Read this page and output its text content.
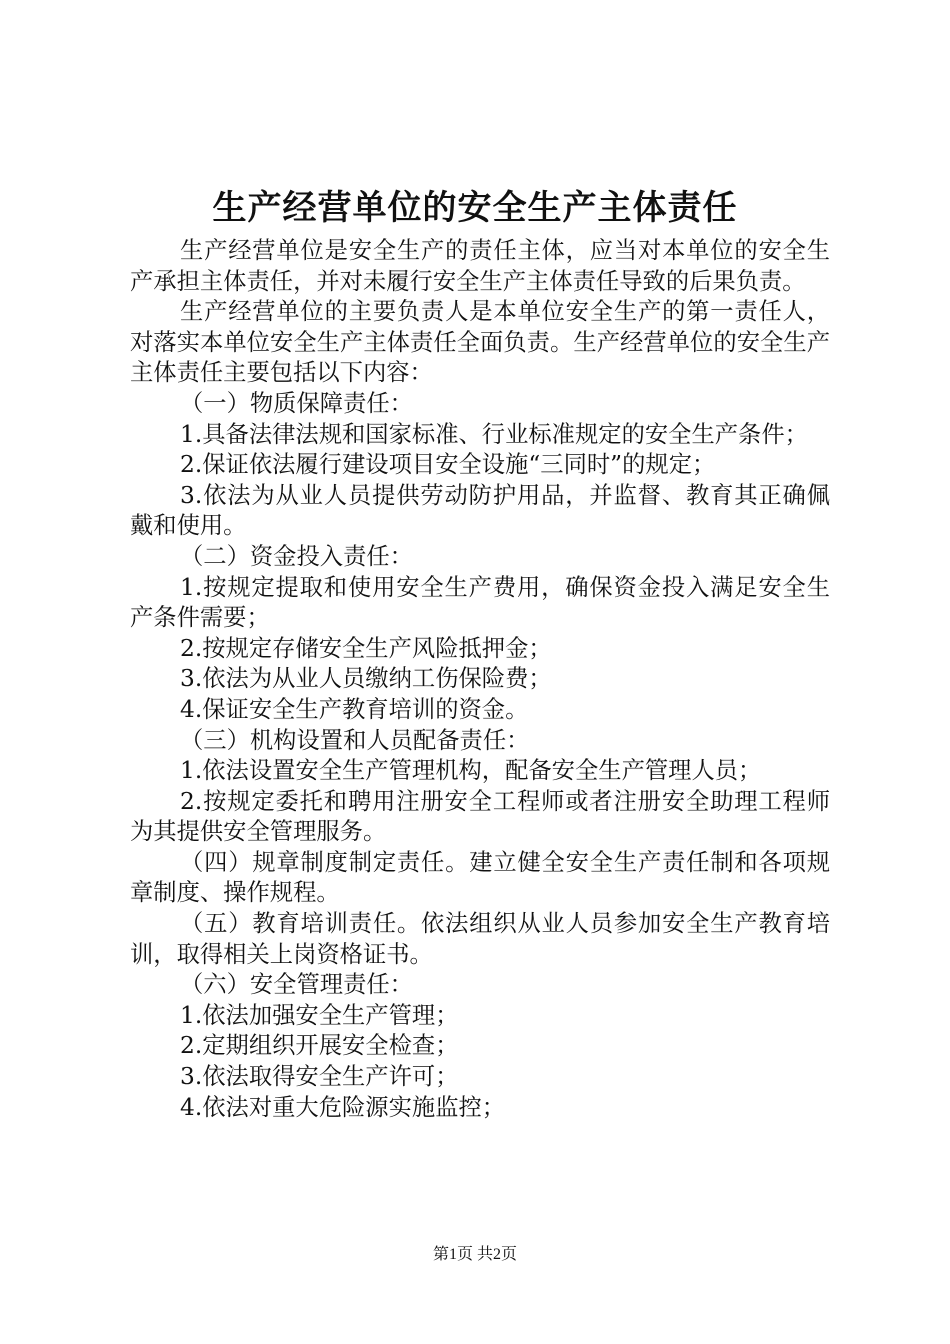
生产经营单位的安全生产主体责任

生产经营单位是安全生产的责任主体，应当对本单位的安全生产承担主体责任，并对未履行安全生产主体责任导致的后果负责。

生产经营单位的主要负责人是本单位安全生产的第一责任人，对落实本单位安全生产主体责任全面负责。生产经营单位的安全生产主体责任主要包括以下内容：

（一）物质保障责任：

1.具备法律法规和国家标准、行业标准规定的安全生产条件；

2.保证依法履行建设项目安全设施“三同时”的规定；

3.依法为从业人员提供劳动防护用品，并监督、教育其正确佩戴和使用。

（二）资金投入责任：

1.按规定提取和使用安全生产费用，确保资金投入满足安全生产条件需要；

2.按规定存储安全生产风险抵押金；

3.依法为从业人员缴纳工伤保险费；

4.保证安全生产教育培训的资金。

（三）机构设置和人员配备责任：

1.依法设置安全生产管理机构，配备安全生产管理人员；

2.按规定委托和聘用注册安全工程师或者注册安全助理工程师为其提供安全管理服务。

（四）规章制度制定责任。建立健全安全生产责任制和各项规章制度、操作规程。

（五）教育培训责任。依法组织从业人员参加安全生产教育培训，取得相关上岗资格证书。

（六）安全管理责任：

1.依法加强安全生产管理；

2.定期组织开展安全检查；

3.依法取得安全生产许可；

4.依法对重大危险源实施监控；

第1页 共2页
